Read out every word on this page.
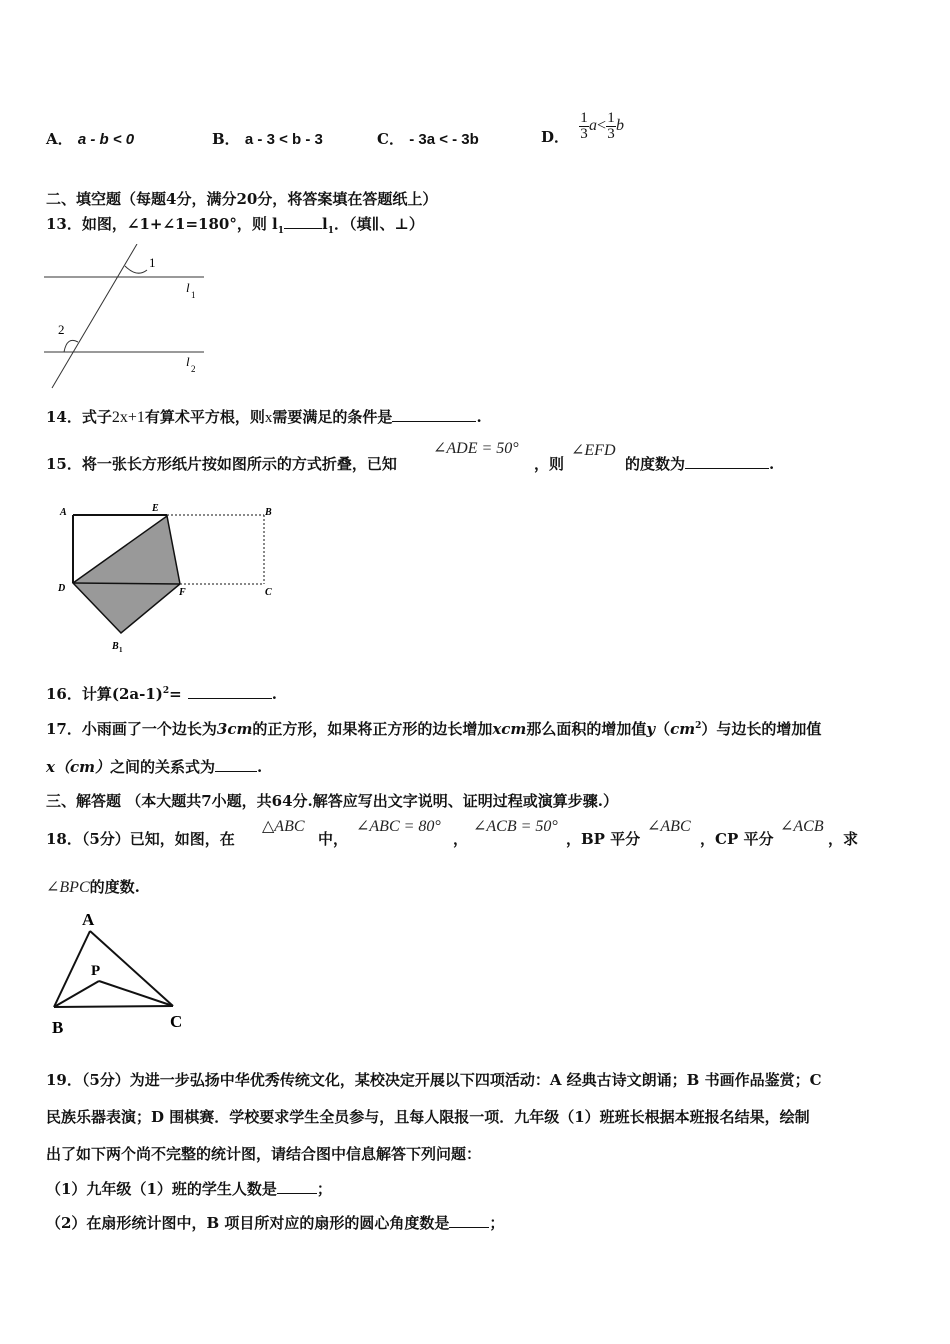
A． a - b < 0	B． a - 3 < b - 3	C． - 3a < - 3b	D． $\frac{1}{3}$ $a < \frac{1}{3}$ b
二、填空题（每题4分，满分20分，将答案填在答题纸上）
13．如图，∠1+∠1=180°，则 $l_1$	$l_1$．（填∥、⊥）
1
2
l 1
l 2
14．式子2x+1有算术平方根，则x需要满足的条件是	.
15．将一张长方形纸片按如图所示的方式折叠，已知
∠ADE = 50°
，则
∠EFD
的度数为	.
A	E	B
D	F	C
B 1
16．计算$(2a-1)^2=$	.
17．小雨画了一个边长为3cm的正方形，如果将正方形的边长增加xcm那么面积的增加值$y(cm^2)$与边长的增加值
x（cm）之间的关系式为	.
三、解答题 （本大题共7小题，共64分.解答应写出文字说明、证明过程或演算步骤.）
18．（5分）已知，如图，在
△ABC
中，
∠ABC = 80°
，
∠ACB = 50°
，BP 平分
∠ABC
，CP 平分
∠ACB
，求
∠BPC的度数.
A
P
B	C
19．（5分）为进一步弘扬中华优秀传统文化，某校决定开展以下四项活动：A 经典古诗文朗诵；B 书画作品鉴赏；C
民族乐器表演；D 围棋赛．学校要求学生全员参与，且每人限报一项．九年级（1）班班长根据本班报名结果，绘制
出了如下两个尚不完整的统计图，请结合图中信息解答下列问题：
（1）九年级（1）班的学生人数是	；
（2）在扇形统计图中，B 项目所对应的扇形的圆心角度数是	；
